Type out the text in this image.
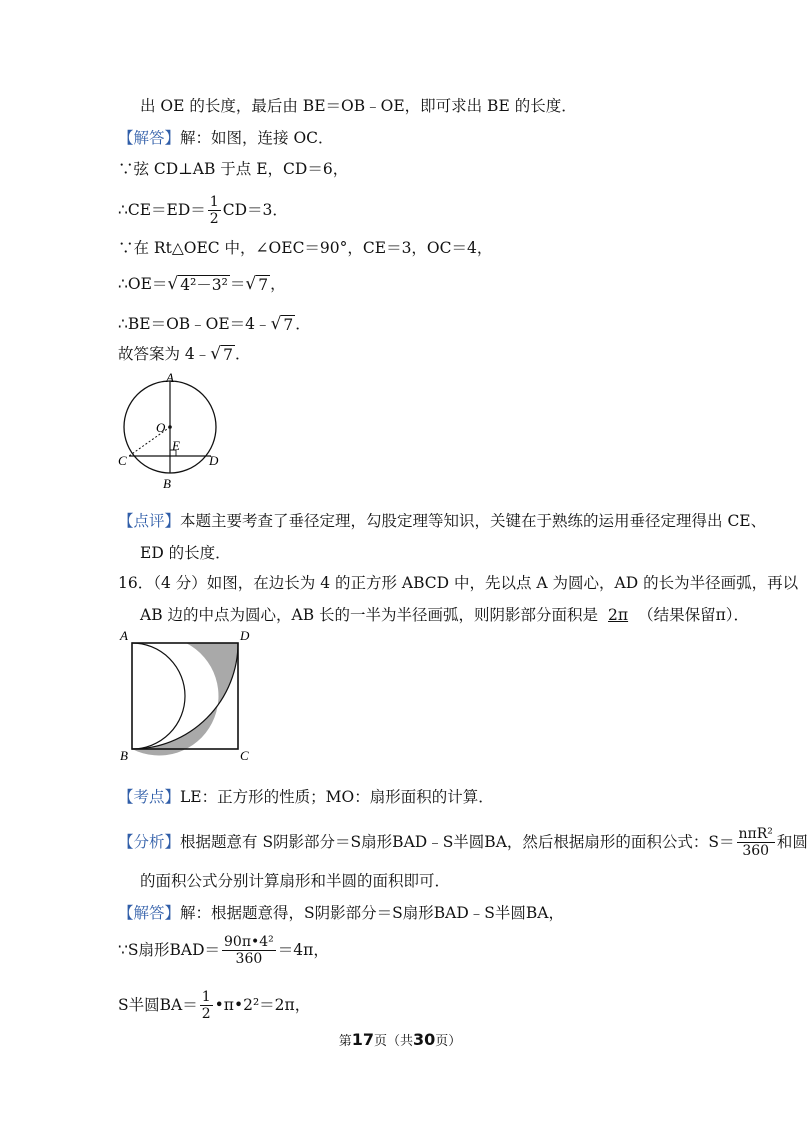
出 OE 的长度，最后由 BE＝OB﹣OE，即可求出 BE 的长度．
【解答】解：如图，连接 OC．
∵弦 CD⊥AB 于点 E，CD＝6，
∴CE＝ED＝ $\frac{1}{2} CD=3$．
∵在 Rt△OEC 中，∠OEC＝90°，CE＝3，OC＝4，
∴OE＝ √ 4²－3² ＝ √ 7 ，
∴BE＝OB﹣OE＝4﹣ √ 7 ．
故答案为 4﹣ √ 7 ．
A
O
E
C	D
B
【点评】本题主要考查了垂径定理，勾股定理等知识，关键在于熟练的运用垂径定理得出 CE、
ED 的长度．
16．（4 分）如图，在边长为 4 的正方形 ABCD 中，先以点 A 为圆心，AD 的长为半径画弧，再以
AB 边的中点为圆心，AB 长的一半为半径画弧，则阴影部分面积是 2π （结果保留π）．
A	D
B	C
【考点】LE：正方形的性质；MO：扇形面积的计算．
【分析】 根据题意有 S阴影部分＝S扇形BAD﹣S半圆BA，然后根据扇形的面积公式：$S= \frac{\text{nπR²}}{360}$ 和圆
的面积公式分别计算扇形和半圆的面积即可．
【解答】解：根据题意得，S阴影部分＝S扇形BAD﹣S半圆BA，
∵S扇形$BAD= \frac{\text{90π•4²}}{360} =4\pi$，
S半圆$BA= \frac{1}{2}$ •π•2²＝2π，
第17页（共30页）
